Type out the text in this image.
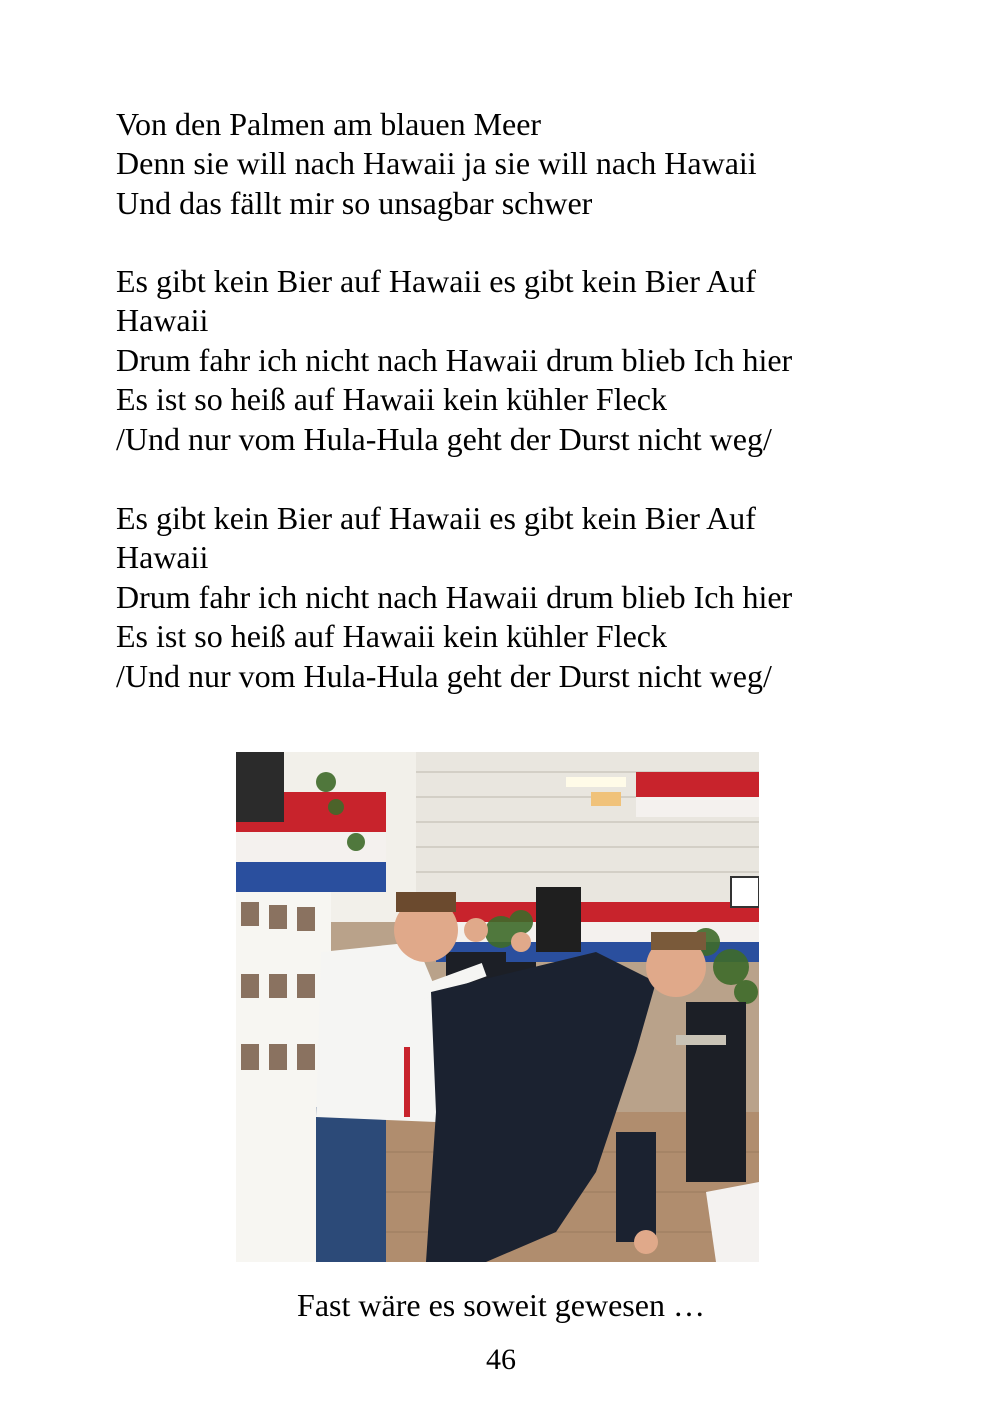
Von den Palmen am blauen Meer
Denn sie will nach Hawaii ja sie will nach Hawaii
Und das fällt mir so unsagbar schwer
Es gibt kein Bier auf Hawaii es gibt kein Bier Auf
Hawaii
Drum fahr ich nicht nach Hawaii drum blieb Ich hier
Es ist so heiß auf Hawaii kein kühler Fleck
/Und nur vom Hula-Hula geht der Durst nicht weg/
Es gibt kein Bier auf Hawaii es gibt kein Bier Auf
Hawaii
Drum fahr ich nicht nach Hawaii drum blieb Ich hier
Es ist so heiß auf Hawaii kein kühler Fleck
/Und nur vom Hula-Hula geht der Durst nicht weg/
Fast wäre es soweit gewesen …
46
